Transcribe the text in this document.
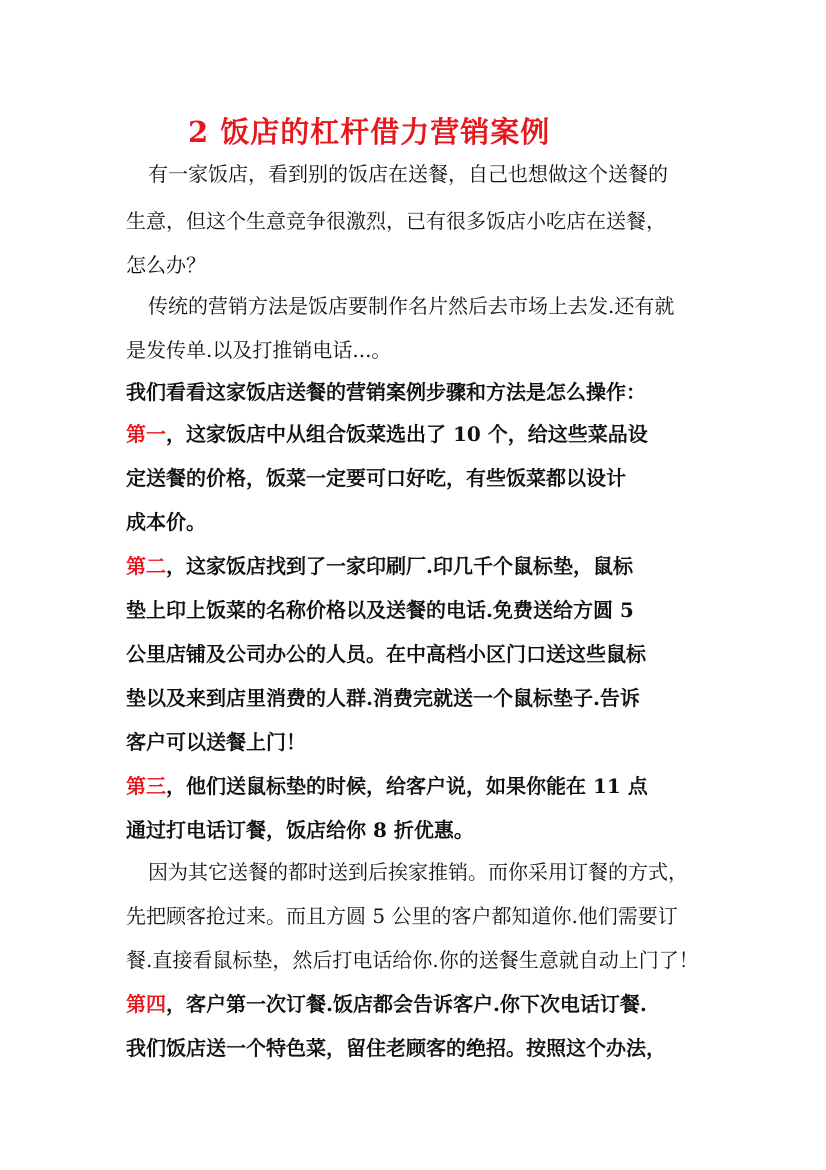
2 饭店的杠杆借力营销案例
有一家饭店，看到别的饭店在送餐，自己也想做这个送餐的
生意，但这个生意竞争很激烈，已有很多饭店小吃店在送餐，
怎么办？
传统的营销方法是饭店要制作名片然后去市场上去发.还有就
是发传单.以及打推销电话...。
我们看看这家饭店送餐的营销案例步骤和方法是怎么操作：
第一，这家饭店中从组合饭菜选出了 10 个，给这些菜品设
定送餐的价格，饭菜一定要可口好吃，有些饭菜都以设计
成本价。
第二，这家饭店找到了一家印刷厂.印几千个鼠标垫，鼠标
垫上印上饭菜的名称价格以及送餐的电话.免费送给方圆 5
公里店铺及公司办公的人员。在中高档小区门口送这些鼠标
垫以及来到店里消费的人群.消费完就送一个鼠标垫子.告诉
客户可以送餐上门！
第三，他们送鼠标垫的时候，给客户说，如果你能在 11 点
通过打电话订餐，饭店给你 8 折优惠。
因为其它送餐的都时送到后挨家推销。而你采用订餐的方式，
先把顾客抢过来。而且方圆 5 公里的客户都知道你.他们需要订
餐.直接看鼠标垫，然后打电话给你.你的送餐生意就自动上门了！
第四，客户第一次订餐.饭店都会告诉客户.你下次电话订餐.
我们饭店送一个特色菜，留住老顾客的绝招。按照这个办法，
